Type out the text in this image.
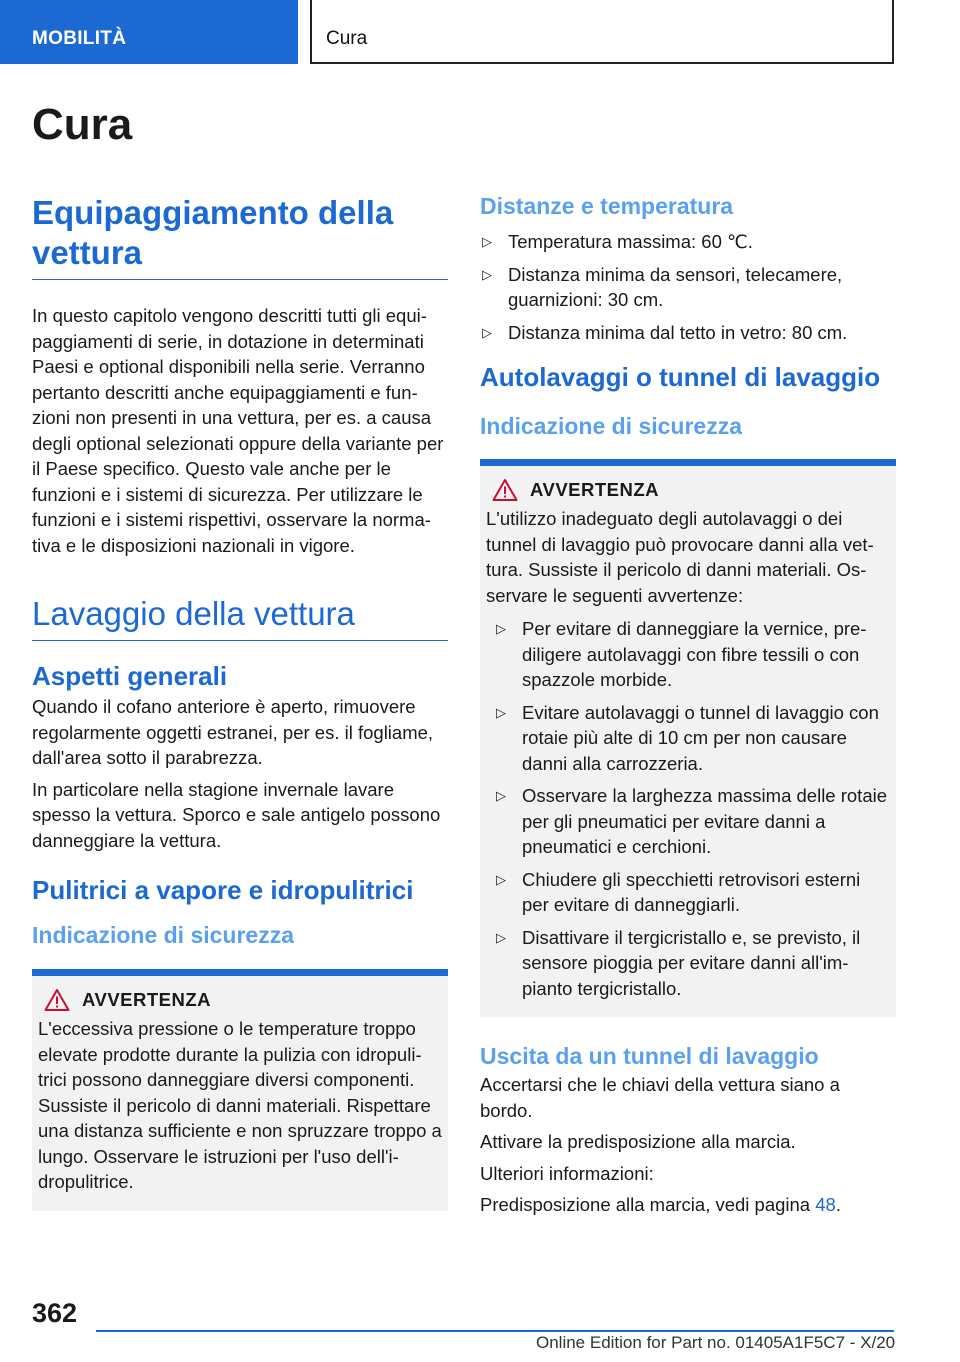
MOBILITÀ	Cura
Cura
Equipaggiamento della vettura

In questo capitolo vengono descritti tutti gli equipaggiamenti di serie, in dotazione in determinati Paesi e optional disponibili nella serie. Verranno pertanto descritti anche equipaggiamenti e funzioni non presenti in una vettura, per es. a causa degli optional selezionati oppure della variante per il Paese specifico. Questo vale anche per le funzioni e i sistemi di sicurezza. Per utilizzare le funzioni e i sistemi rispettivi, osservare la normativa e le disposizioni nazionali in vigore.

Lavaggio della vettura
Aspetti generali

Quando il cofano anteriore è aperto, rimuovere regolarmente oggetti estranei, per es. il fogliame, dall'area sotto il parabrezza.

In particolare nella stagione invernale lavare spesso la vettura. Sporco e sale antigelo possono danneggiare la vettura.

Pulitrici a vapore e idropulitrici
Indicazione di sicurezza
AVVERTENZA

L'eccessiva pressione o le temperature troppo elevate prodotte durante la pulizia con idropulitrici possono danneggiare diversi componenti. Sussiste il pericolo di danni materiali. Rispettare una distanza sufficiente e non spruzzare troppo a lungo. Osservare le istruzioni per l'uso dell'idropulitrice.

Distanze e temperatura
▷ Temperatura massima: 60 ℃.
▷ Distanza minima da sensori, telecamere, guarnizioni: 30 cm.
▷ Distanza minima dal tetto in vetro: 80 cm.
Autolavaggi o tunnel di lavaggio
Indicazione di sicurezza
AVVERTENZA

L'utilizzo inadeguato degli autolavaggi o dei tunnel di lavaggio può provocare danni alla vettura. Sussiste il pericolo di danni materiali. Osservare le seguenti avvertenze:

▷ Per evitare di danneggiare la vernice, prediligere autolavaggi con fibre tessili o con spazzole morbide.
▷ Evitare autolavaggi o tunnel di lavaggio con rotaie più alte di 10 cm per non causare danni alla carrozzeria.
▷ Osservare la larghezza massima delle rotaie per gli pneumatici per evitare danni a pneumatici e cerchioni.
▷ Chiudere gli specchietti retrovisori esterni per evitare di danneggiarli.
▷ Disattivare il tergicristallo e, se previsto, il sensore pioggia per evitare danni all'impianto tergicristallo.
Uscita da un tunnel di lavaggio

Accertarsi che le chiavi della vettura siano a bordo.

Attivare la predisposizione alla marcia.

Ulteriori informazioni:

Predisposizione alla marcia, vedi pagina 48.

362
Online Edition for Part no. 01405A1F5C7 - X/20
